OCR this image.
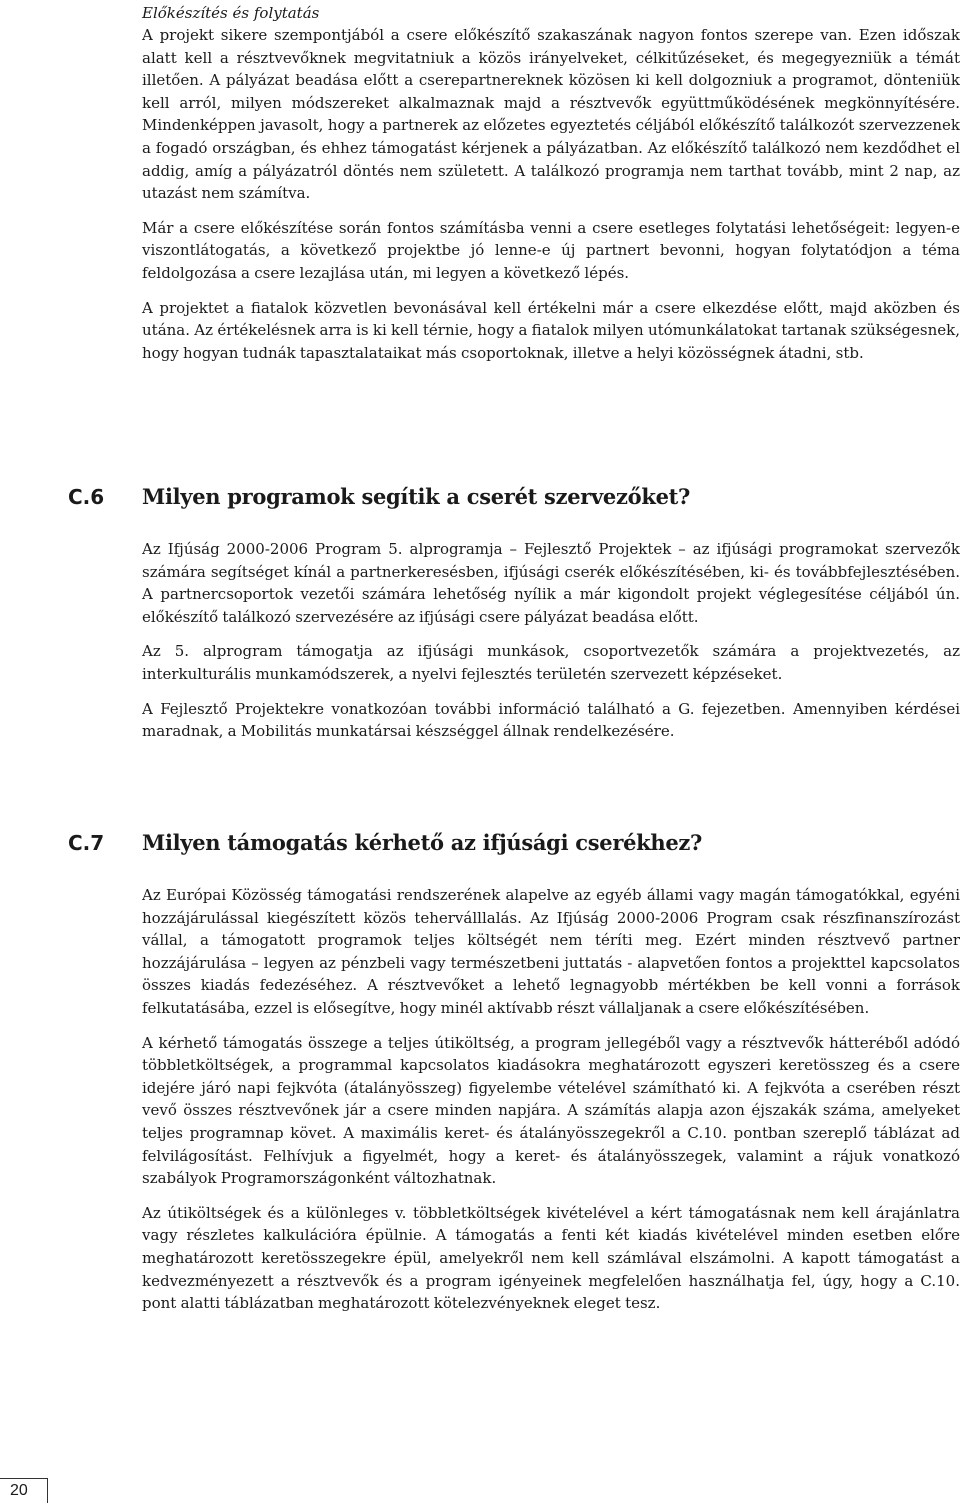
Előkészítés és folytatás

A projekt sikere szempontjából a csere előkészítő szakaszának nagyon fontos szerepe van. Ezen időszak alatt kell a résztvevőknek megvitatniuk a közös irányelveket, célkitűzéseket, és megegyezniük a témát illetően. A pályázat beadása előtt a cserepartnereknek közösen ki kell dolgozniuk a programot, dönteniük kell arról, milyen módszereket alkalmaznak majd a résztvevők együttműködésének megkönnyítésére. Mindenképpen javasolt, hogy a partnerek az előzetes egyeztetés céljából előkészítő találkozót szervezzenek a fogadó országban, és ehhez támogatást kérjenek a pályázatban. Az előkészítő találkozó nem kezdődhet el addig, amíg a pályázatról döntés nem született. A találkozó programja nem tarthat tovább, mint 2 nap, az utazást nem számítva.

Már a csere előkészítése során fontos számításba venni a csere esetleges folytatási lehetőségeit: legyen-e viszontlátogatás, a következő projektbe jó lenne-e új partnert bevonni, hogyan folytatódjon a téma feldolgozása a csere lezajlása után, mi legyen a következő lépés.

A projektet a fiatalok közvetlen bevonásával kell értékelni már a csere elkezdése előtt, majd aközben és utána. Az értékelésnek arra is ki kell térnie, hogy a fiatalok milyen utómunkálatokat tartanak szükségesnek, hogy hogyan tudnák tapasztalataikat más csoportoknak, illetve a helyi közösségnek átadni, stb.

C.6 Milyen programok segítik a cserét szervezőket?

Az Ifjúság 2000-2006 Program 5. alprogramja – Fejlesztő Projektek – az ifjúsági programokat szervezők számára segítséget kínál a partnerkeresésben, ifjúsági cserék előkészítésében, ki- és továbbfejlesztésében. A partnercsoportok vezetői számára lehetőség nyílik a már kigondolt projekt véglegesítése céljából ún. előkészítő találkozó szervezésére az ifjúsági csere pályázat beadása előtt.

Az 5. alprogram támogatja az ifjúsági munkások, csoportvezetők számára a projektvezetés, az interkulturális munkamódszerek, a nyelvi fejlesztés területén szervezett képzéseket.

A Fejlesztő Projektekre vonatkozóan további információ található a G. fejezetben. Amennyiben kérdései maradnak, a Mobilitás munkatársai készséggel állnak rendelkezésére.

C.7 Milyen támogatás kérhető az ifjúsági cserékhez?

Az Európai Közösség támogatási rendszerének alapelve az egyéb állami vagy magán támogatókkal, egyéni hozzájárulással kiegészített közös teherválllalás. Az Ifjúság 2000-2006 Program csak részfinanszírozást vállal, a támogatott programok teljes költségét nem téríti meg. Ezért minden résztvevő partner hozzájárulása – legyen az pénzbeli vagy természetbeni juttatás - alapvetően fontos a projekttel kapcsolatos összes kiadás fedezéséhez. A résztvevőket a lehető legnagyobb mértékben be kell vonni a források felkutatásába, ezzel is elősegítve, hogy minél aktívabb részt vállaljanak a csere előkészítésében.

A kérhető támogatás összege a teljes útiköltség, a program jellegéből vagy a résztvevők hátteréből adódó többletköltségek, a programmal kapcsolatos kiadásokra meghatározott egyszeri keretösszeg és a csere idejére járó napi fejkvóta (átalányösszeg) figyelembe vételével számítható ki. A fejkvóta a cserében részt vevő összes résztvevőnek jár a csere minden napjára. A számítás alapja azon éjszakák száma, amelyeket teljes programnap követ. A maximális keret- és átalányösszegekről a C.10. pontban szereplő táblázat ad felvilágosítást. Felhívjuk a figyelmét, hogy a keret- és átalányösszegek, valamint a rájuk vonatkozó szabályok Programországonként változhatnak.

Az útiköltségek és a különleges v. többletköltségek kivételével a kért támogatásnak nem kell árajánlatra vagy részletes kalkulációra épülnie. A támogatás a fenti két kiadás kivételével minden esetben előre meghatározott keretösszegekre épül, amelyekről nem kell számlával elszámolni. A kapott támogatást a kedvezményezett a résztvevők és a program igényeinek megfelelően használhatja fel, úgy, hogy a C.10. pont alatti táblázatban meghatározott kötelezvényeknek eleget tesz.

20
